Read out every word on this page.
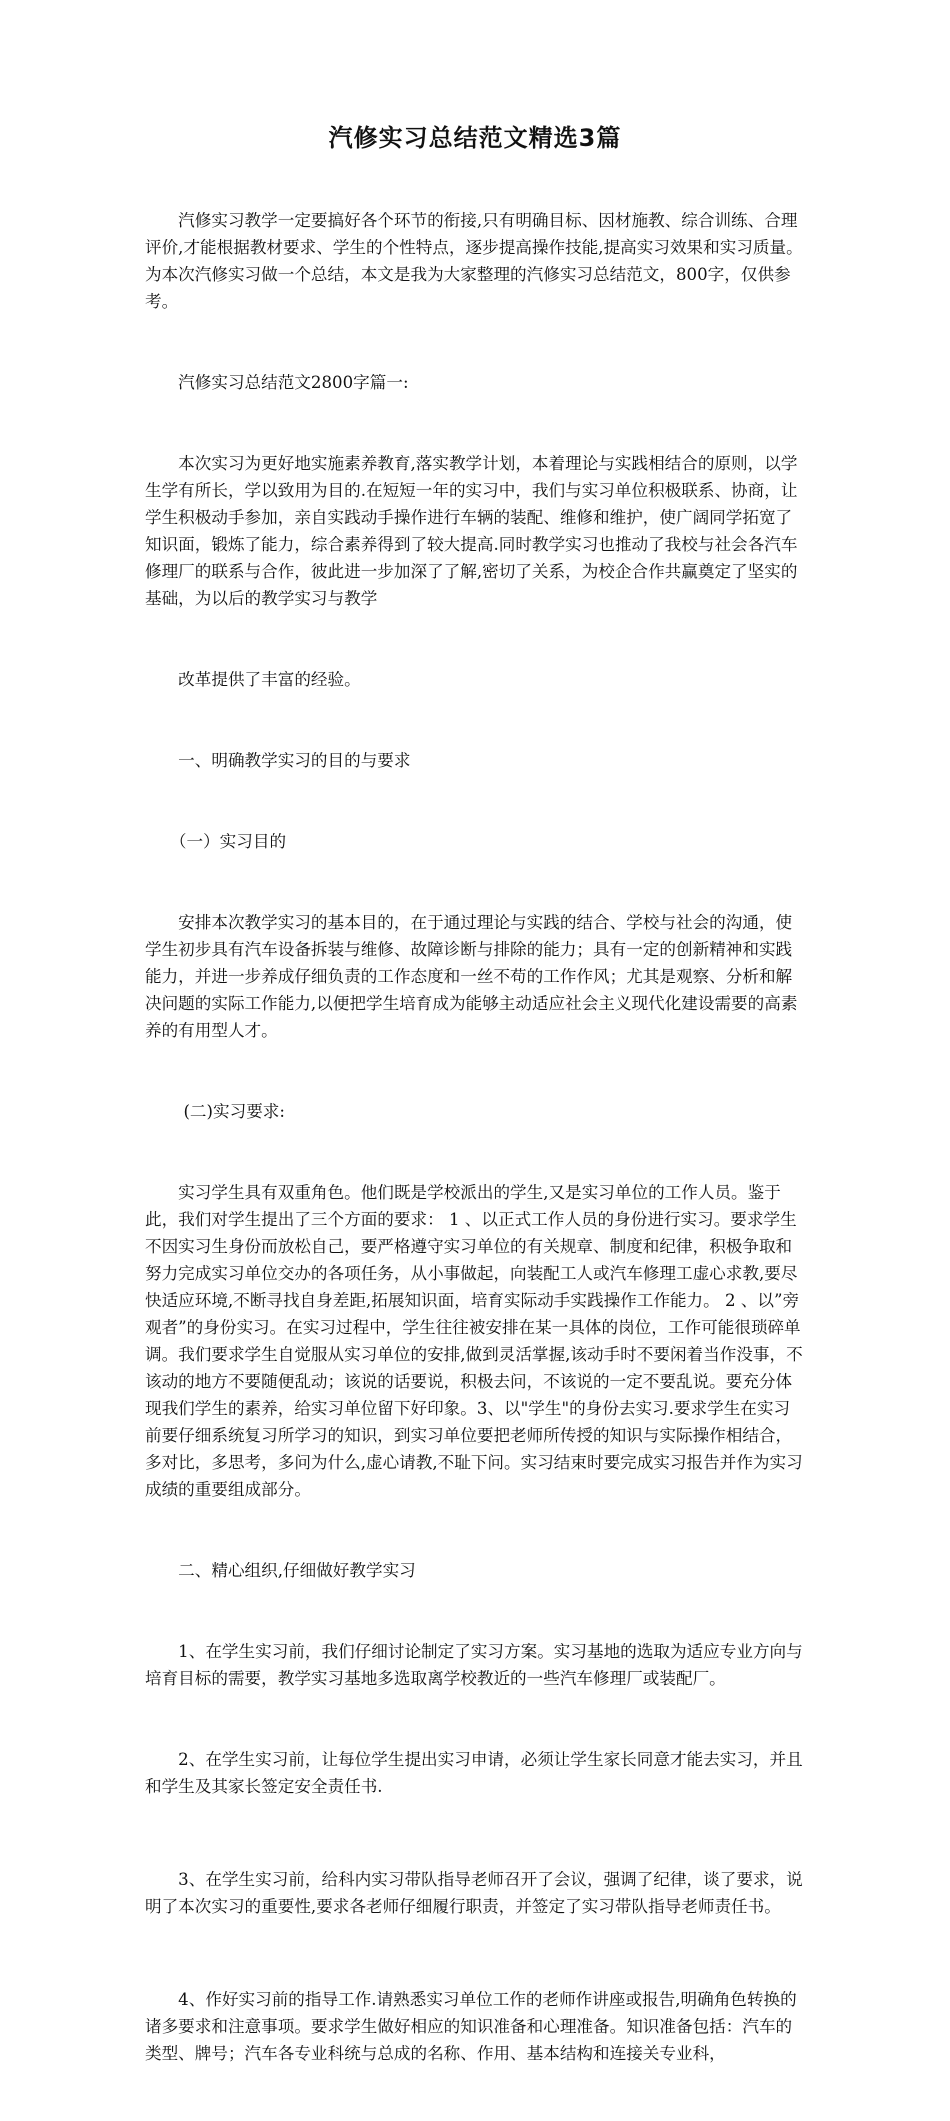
汽修实习总结范文精选3篇

　　汽修实习教学一定要搞好各个环节的衔接,只有明确目标、因材施教、综合训练、合理评价,才能根据教材要求、学生的个性特点，逐步提高操作技能,提高实习效果和实习质量。为本次汽修实习做一个总结，本文是我为大家整理的汽修实习总结范文，800字，仅供参考。

　　汽修实习总结范文2800字篇一:

　　本次实习为更好地实施素养教育,落实教学计划，本着理论与实践相结合的原则，以学生学有所长，学以致用为目的.在短短一年的实习中，我们与实习单位积极联系、协商，让学生积极动手参加，亲自实践动手操作进行车辆的装配、维修和维护，使广阔同学拓宽了知识面，锻炼了能力，综合素养得到了较大提高.同时教学实习也推动了我校与社会各汽车修理厂的联系与合作，彼此进一步加深了了解,密切了关系，为校企合作共赢奠定了坚实的基础，为以后的教学实习与教学

　　改革提供了丰富的经验。

　　一、明确教学实习的目的与要求

　　（一）实习目的

　　安排本次教学实习的基本目的，在于通过理论与实践的结合、学校与社会的沟通，使学生初步具有汽车设备拆装与维修、故障诊断与排除的能力；具有一定的创新精神和实践能力，并进一步养成仔细负责的工作态度和一丝不苟的工作作风；尤其是观察、分析和解决问题的实际工作能力,以便把学生培育成为能够主动适应社会主义现代化建设需要的高素养的有用型人才。

　　 (二)实习要求:

　　实习学生具有双重角色。他们既是学校派出的学生,又是实习单位的工作人员。鉴于此，我们对学生提出了三个方面的要求： 1 、以正式工作人员的身份进行实习。要求学生不因实习生身份而放松自己，要严格遵守实习单位的有关规章、制度和纪律，积极争取和努力完成实习单位交办的各项任务，从小事做起，向装配工人或汽车修理工虚心求教,要尽快适应环境,不断寻找自身差距,拓展知识面，培育实际动手实践操作工作能力。 2 、以”旁观者”的身份实习。在实习过程中，学生往往被安排在某一具体的岗位，工作可能很琐碎单调。我们要求学生自觉服从实习单位的安排,做到灵活掌握,该动手时不要闲着当作没事，不该动的地方不要随便乱动；该说的话要说，积极去问，不该说的一定不要乱说。要充分体现我们学生的素养，给实习单位留下好印象。3、以"学生"的身份去实习.要求学生在实习前要仔细系统复习所学习的知识，到实习单位要把老师所传授的知识与实际操作相结合，多对比，多思考，多问为什么,虚心请教,不耻下问。实习结束时要完成实习报告并作为实习成绩的重要组成部分。

　　二、精心组织,仔细做好教学实习

　　1、在学生实习前，我们仔细讨论制定了实习方案。实习基地的选取为适应专业方向与培育目标的需要，教学实习基地多选取离学校教近的一些汽车修理厂或装配厂。

　　2、在学生实习前，让每位学生提出实习申请，必须让学生家长同意才能去实习，并且和学生及其家长签定安全责任书.

　　3、在学生实习前，给科内实习带队指导老师召开了会议，强调了纪律，谈了要求，说明了本次实习的重要性,要求各老师仔细履行职责，并签定了实习带队指导老师责任书。

　　4、作好实习前的指导工作.请熟悉实习单位工作的老师作讲座或报告,明确角色转换的诸多要求和注意事项。要求学生做好相应的知识准备和心理准备。知识准备包括：汽车的类型、牌号；汽车各专业科统与总成的名称、作用、基本结构和连接关专业科，
